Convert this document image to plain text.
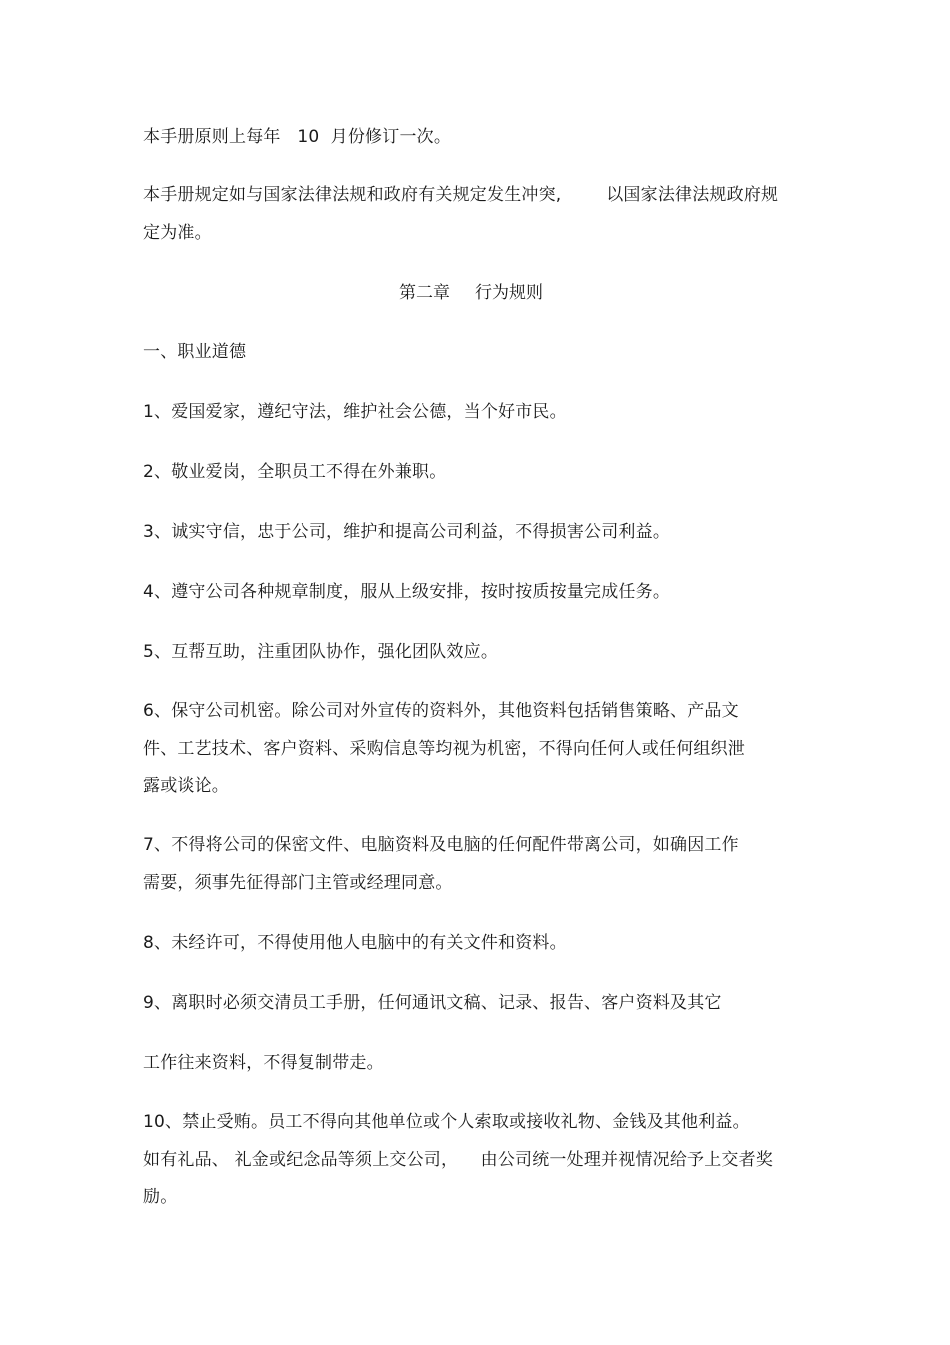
本手册原则上每年   10  月份修订一次。
本手册规定如与国家法律法规和政府有关规定发生冲突,        以国家法律法规政府规
定为准。
第二章 行为规则
一、职业道德
1、爱国爱家，遵纪守法，维护社会公德，当个好市民。
2、敬业爱岗，全职员工不得在外兼职。
3、诚实守信，忠于公司，维护和提高公司利益，不得损害公司利益。
4、遵守公司各种规章制度，服从上级安排，按时按质按量完成任务。
5、互帮互助，注重团队协作，强化团队效应。
6、保守公司机密。除公司对外宣传的资料外，其他资料包括销售策略、产品文
件、工艺技术、客户资料、采购信息等均视为机密，不得向任何人或任何组织泄
露或谈论。
7、不得将公司的保密文件、电脑资料及电脑的任何配件带离公司，如确因工作
需要，须事先征得部门主管或经理同意。
8、未经许可，不得使用他人电脑中的有关文件和资料。
9、离职时必须交清员工手册，任何通讯文稿、记录、报告、客户资料及其它
工作往来资料，不得复制带走。
10、禁止受贿。员工不得向其他单位或个人索取或接收礼物、金钱及其他利益。
如有礼品、 礼金或纪念品等须上交公司，    由公司统一处理并视情况给予上交者奖
励。
